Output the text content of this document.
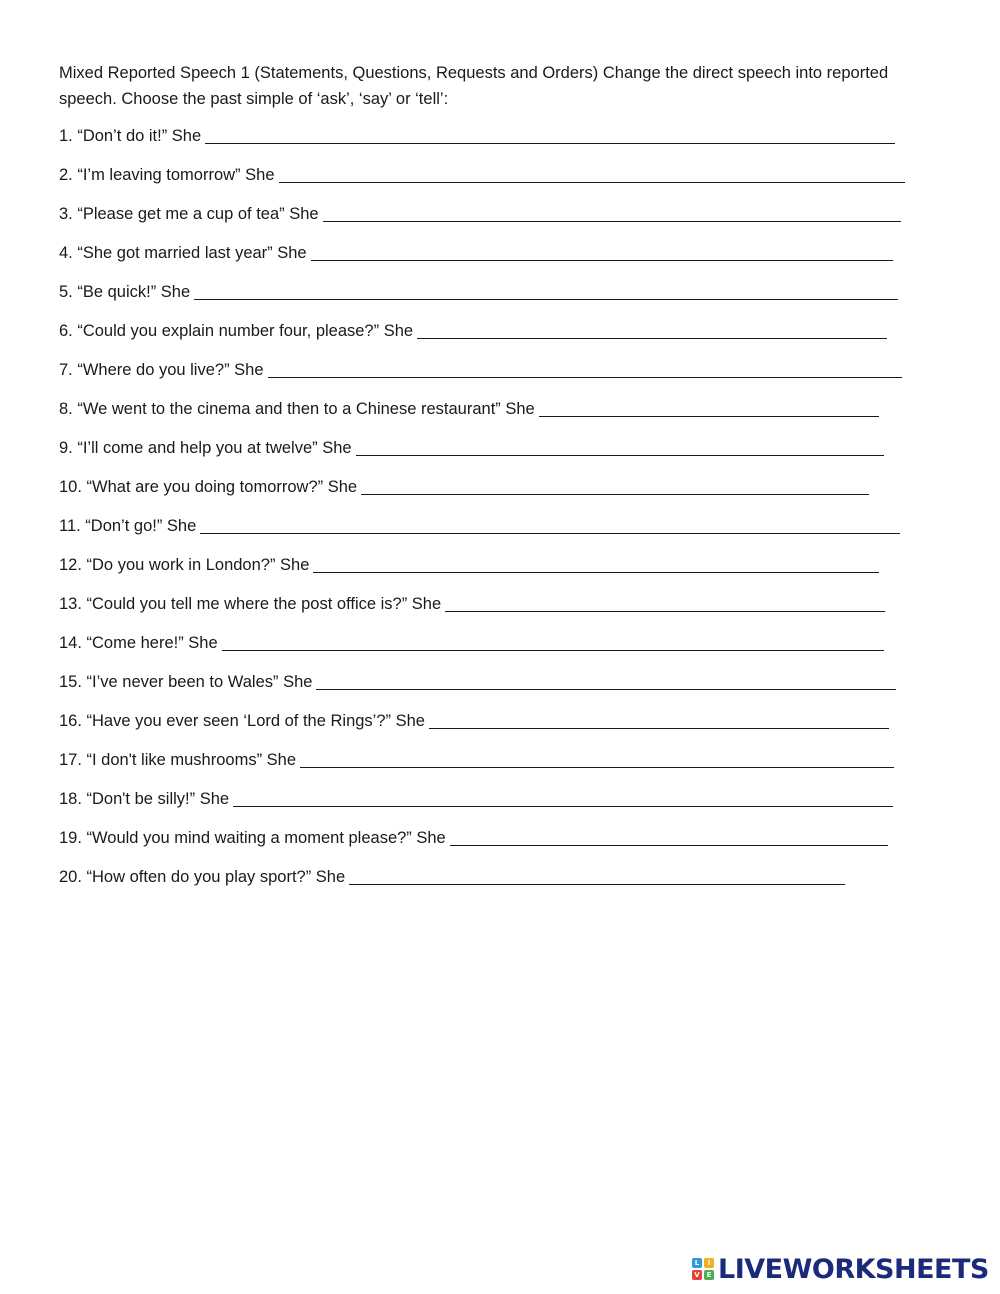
Mixed Reported Speech 1 (Statements, Questions, Requests and Orders) Change the direct speech into reported speech. Choose the past simple of ‘ask’, ‘say’ or ‘tell’:

1. “Don’t do it!” She
2. “I’m leaving tomorrow” She
3. “Please get me a cup of tea” She
4. “She got married last year” She
5. “Be quick!” She
6. “Could you explain number four, please?” She
7. “Where do you live?” She
8. “We went to the cinema and then to a Chinese restaurant” She
9. “I’ll come and help you at twelve” She
10. “What are you doing tomorrow?” She
11. “Don’t go!” She
12. “Do you work in London?” She
13. “Could you tell me where the post office is?” She
14. “Come here!” She
15. “I’ve never been to Wales” She
16. “Have you ever seen ‘Lord of the Rings’?” She
17. “I don't like mushrooms” She
18. “Don't be silly!” She
19. “Would you mind waiting a moment please?” She
20. “How often do you play sport?” She
L	I
V E LIVEWORKSHEETS
